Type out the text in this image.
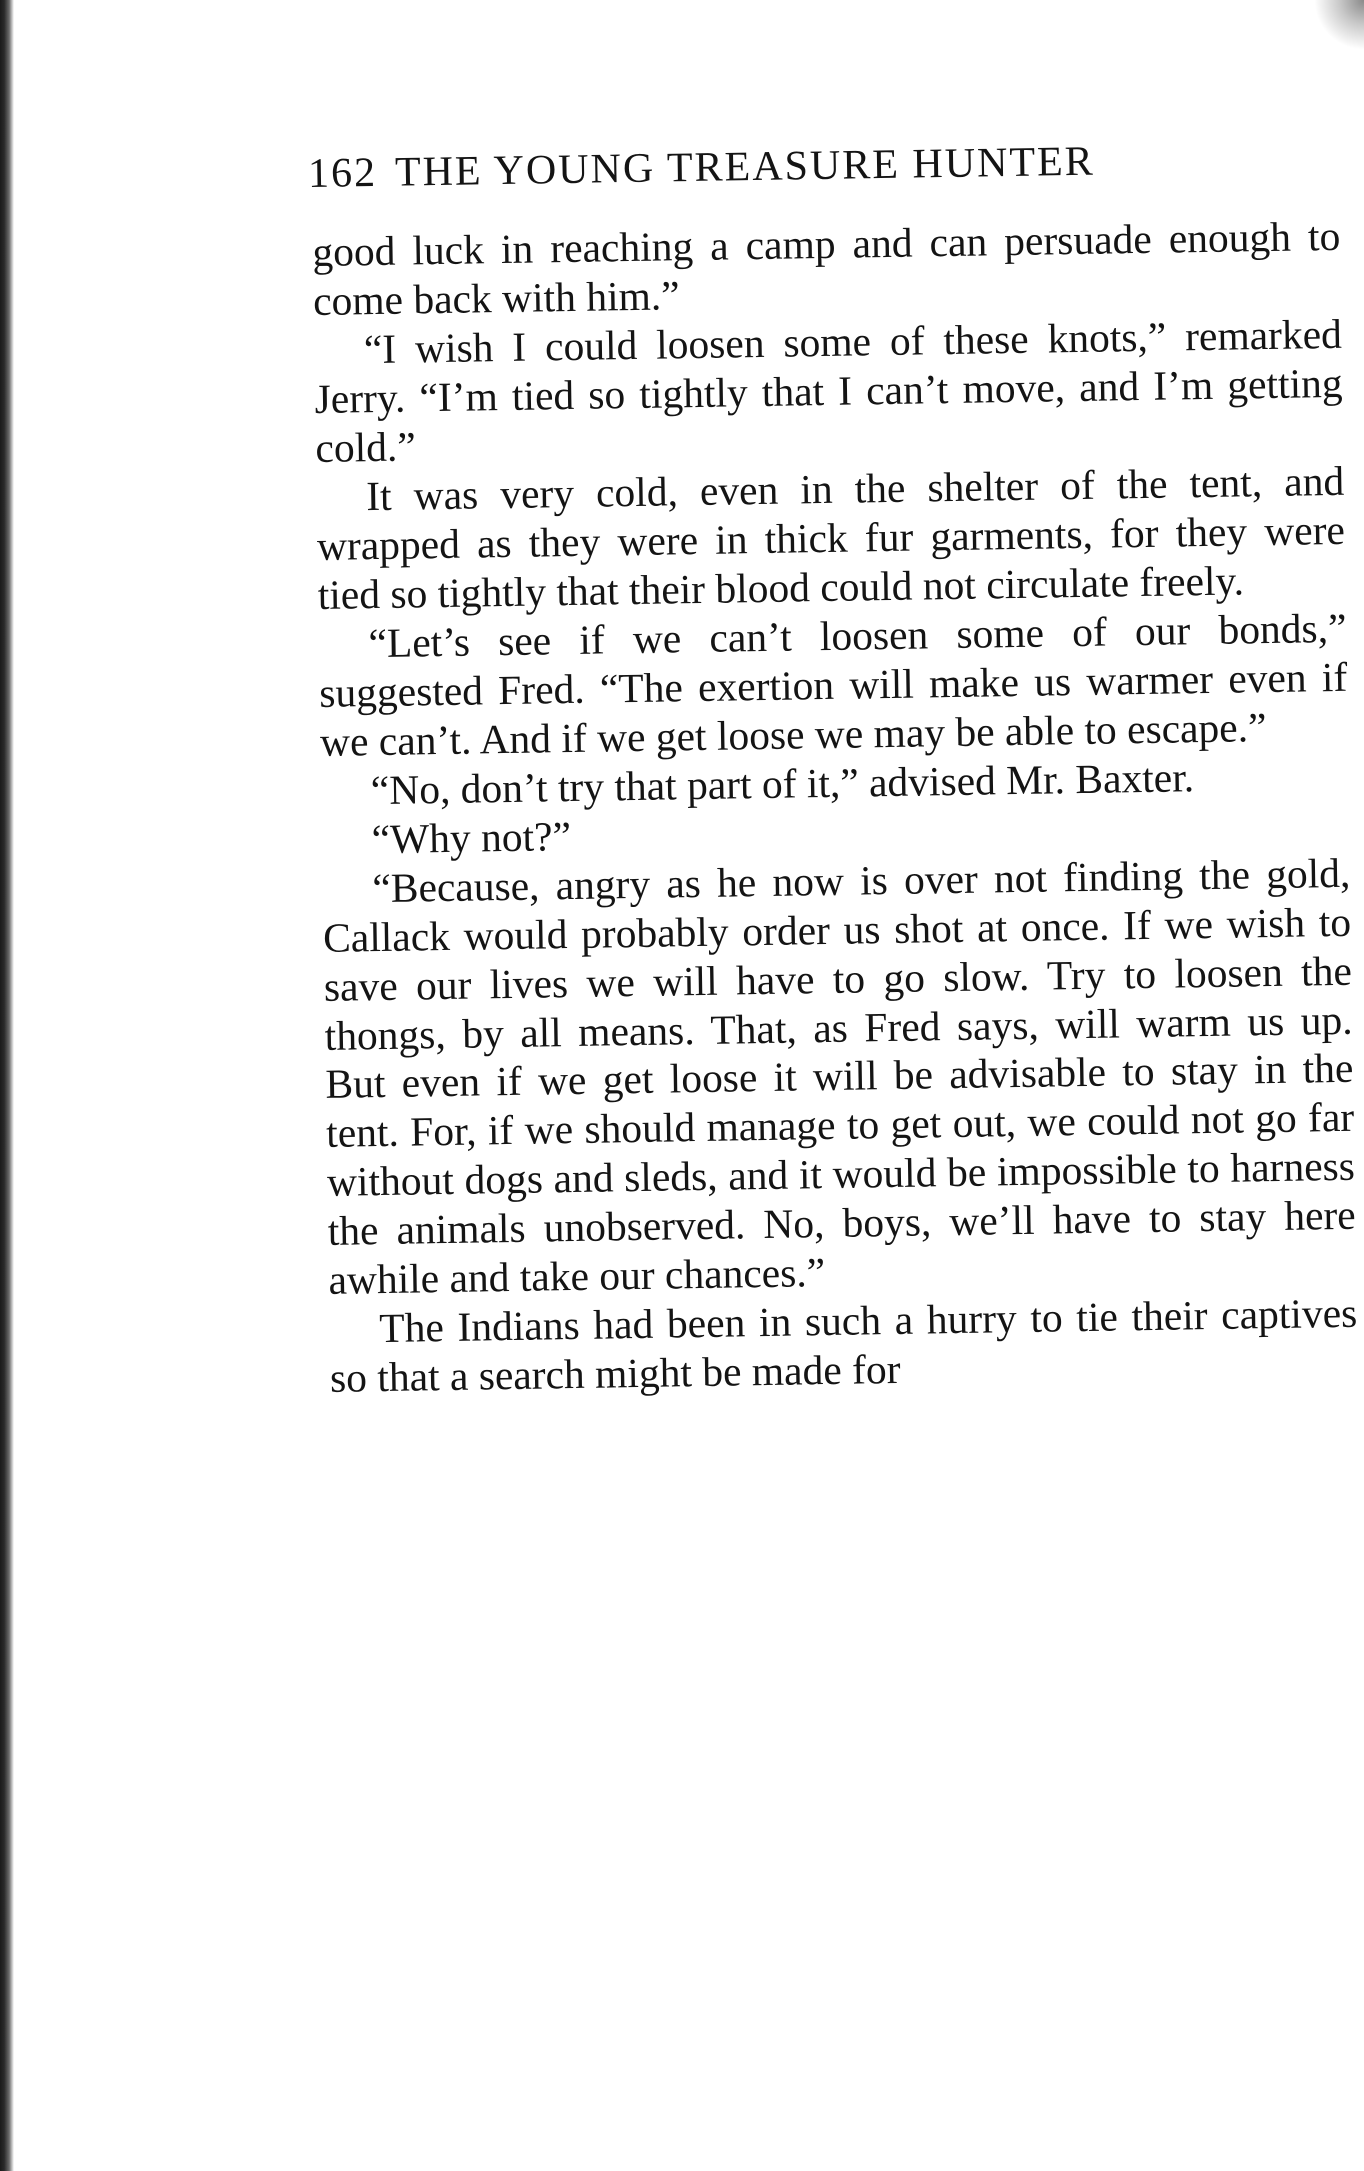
162 THE YOUNG TREASURE HUNTER

good luck in reaching a camp and can persuade enough to come back with him.”

“I wish I could loosen some of these knots,” remarked Jerry. “I’m tied so tightly that I can’t move, and I’m getting cold.”

It was very cold, even in the shelter of the tent, and wrapped as they were in thick fur garments, for they were tied so tightly that their blood could not circulate freely.

“Let’s see if we can’t loosen some of our bonds,” suggested Fred. “The exertion will make us warmer even if we can’t. And if we get loose we may be able to escape.”

“No, don’t try that part of it,” advised Mr. Baxter.

“Why not?”

“Because, angry as he now is over not finding the gold, Callack would probably order us shot at once. If we wish to save our lives we will have to go slow. Try to loosen the thongs, by all means. That, as Fred says, will warm us up. But even if we get loose it will be advisable to stay in the tent. For, if we should manage to get out, we could not go far without dogs and sleds, and it would be impossible to harness the animals unobserved. No, boys, we’ll have to stay here awhile and take our chances.”

The Indians had been in such a hurry to tie their captives so that a search might be made for
